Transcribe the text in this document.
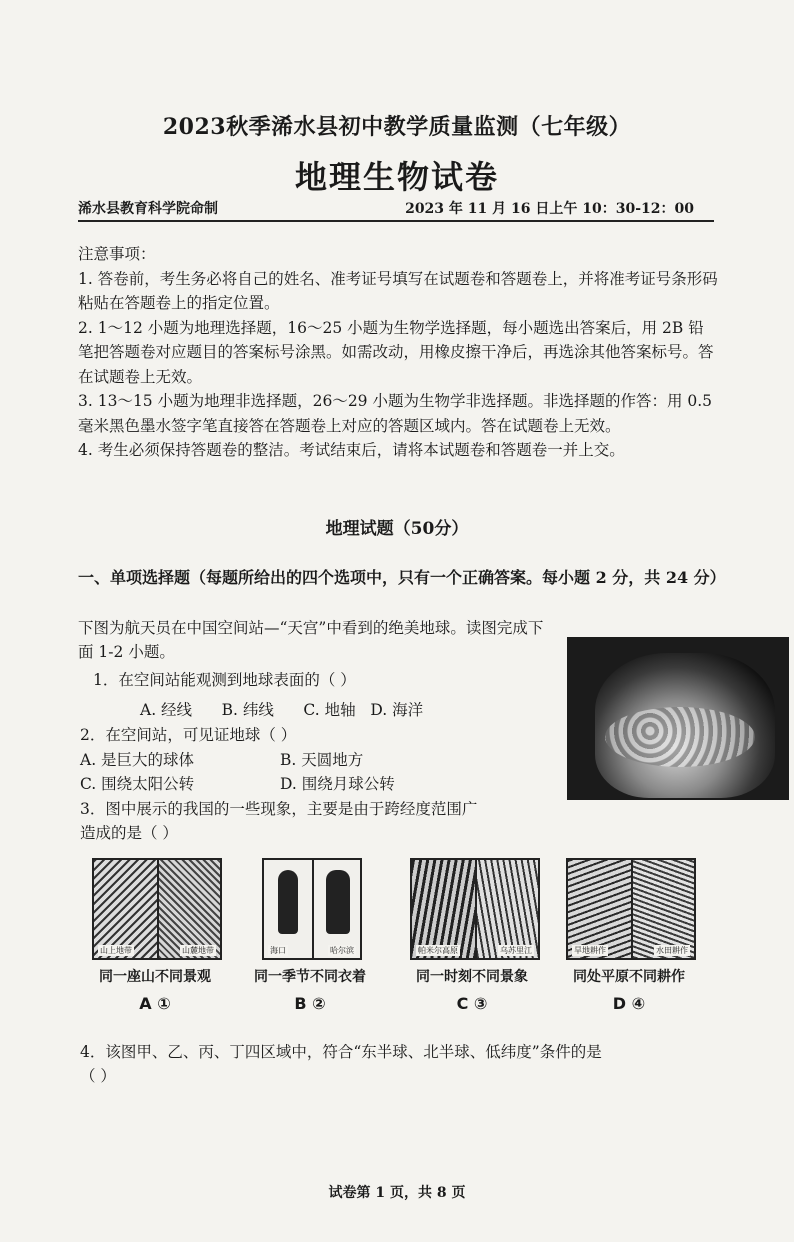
2023秋季浠水县初中教学质量监测（七年级）
地理生物试卷
浠水县教育科学院命制	2023 年 11 月 16 日上午 10：30-12：00

注意事项：

1. 答卷前，考生务必将自己的姓名、准考证号填写在试题卷和答题卷上，并将准考证号条形码粘贴在答题卷上的指定位置。

2. 1～12 小题为地理选择题，16～25 小题为生物学选择题，每小题选出答案后，用 2B 铅笔把答题卷对应题目的答案标号涂黑。如需改动，用橡皮擦干净后，再选涂其他答案标号。答在试题卷上无效。

3. 13～15 小题为地理非选择题，26～29 小题为生物学非选择题。非选择题的作答：用 0.5 毫米黑色墨水签字笔直接答在答题卷上对应的答题区域内。答在试题卷上无效。

4. 考生必须保持答题卷的整洁。考试结束后，请将本试题卷和答题卷一并上交。

地理试题（50分）
一、单项选择题（每题所给出的四个选项中，只有一个正确答案。每小题 2 分，共 24 分）
下图为航天员在中国空间站—“天宫”中看到的绝美地球。读图完成下面 1-2 小题。
1．在空间站能观测到地球表面的（ ）
A. 经线      B. 纬线      C. 地轴   D. 海洋
2．在空间站，可见证地球（ ）
A. 是巨大的球体	B. 天圆地方
C. 围绕太阳公转	D. 围绕月球公转
3．图中展示的我国的一些现象，主要是由于跨经度范围广
造成的是（ ）
山上地带	山麓地带
同一座山不同景观
A ①
海口	哈尔滨
同一季节不同衣着
B ②
帕米尔高原	乌苏里江
同一时刻不同景象
C ③
旱地耕作	水田耕作
同处平原不同耕作
D ④
4．该图甲、乙、丙、丁四区域中，符合“东半球、北半球、低纬度”条件的是
（ ）
试卷第 1 页，共 8 页
